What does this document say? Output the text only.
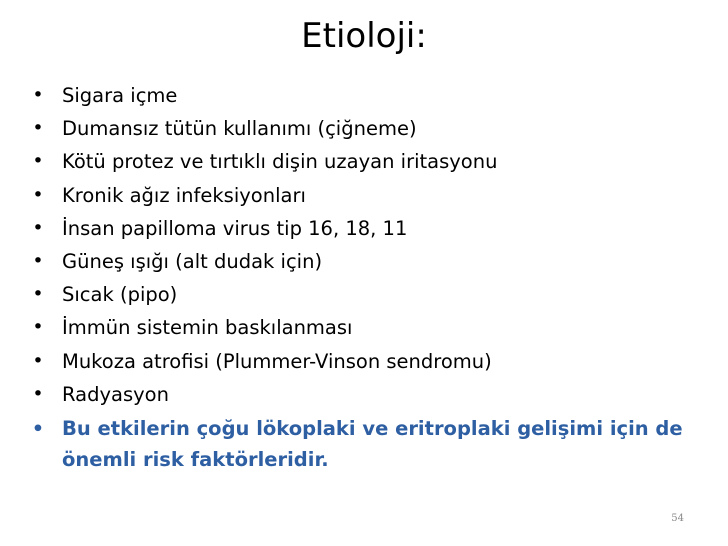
Etioloji:
• Sigara içme
• Dumansız tütün kullanımı (çiğneme)
• Kötü protez ve tırtıklı dişin uzayan iritasyonu
• Kronik ağız infeksiyonları
• İnsan papilloma virus tip 16, 18, 11
• Güneş ışığı (alt dudak için)
• Sıcak (pipo)
• İmmün sistemin baskılanması
• Mukoza atrofisi (Plummer-Vinson sendromu)
• Radyasyon
• Bu etkilerin çoğu lökoplaki ve eritroplaki gelişimi için de önemli risk faktörleridir.
54
